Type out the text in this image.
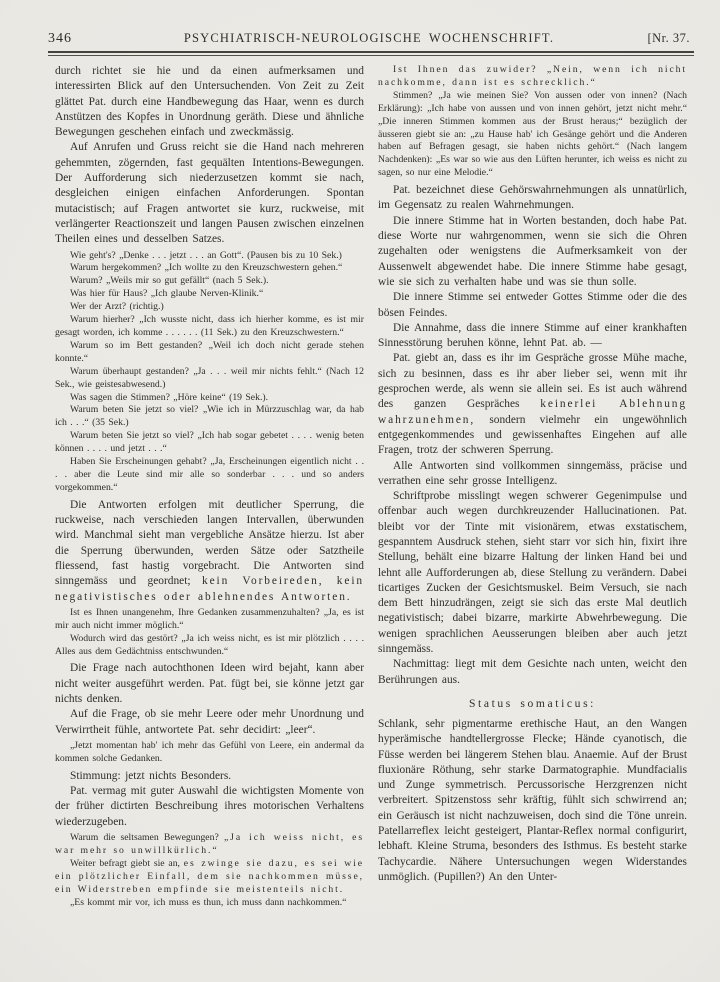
346	PSYCHIATRISCH-NEUROLOGISCHE WOCHENSCHRIFT.	[Nr. 37.

durch richtet sie hie und da einen aufmerksamen und interessirten Blick auf den Untersuchenden. Von Zeit zu Zeit glättet Pat. durch eine Handbewegung das Haar, wenn es durch Anstützen des Kopfes in Unordnung geräth. Diese und ähnliche Bewegungen geschehen einfach und zweckmässig.

Auf Anrufen und Gruss reicht sie die Hand nach mehreren gehemmten, zögernden, fast gequälten Intentions-Bewegungen. Der Aufforderung sich niederzusetzen kommt sie nach, desgleichen einigen einfachen Anforderungen. Spontan mutacistisch; auf Fragen antwortet sie kurz, ruckweise, mit verlängerter Reactionszeit und langen Pausen zwischen einzelnen Theilen eines und desselben Satzes.

Wie geht's? „Denke . . . jetzt . . . an Gott“. (Pausen bis zu 10 Sek.)

Warum hergekommen? „Ich wollte zu den Kreuzschwestern gehen.“

Warum? „Weils mir so gut gefällt“ (nach 5 Sek.).

Was hier für Haus? „Ich glaube Nerven-Klinik.“

Wer der Arzt? (richtig.)

Warum hierher? „Ich wusste nicht, dass ich hierher komme, es ist mir gesagt worden, ich komme . . . . . . (11 Sek.) zu den Kreuzschwestern.“

Warum so im Bett gestanden? „Weil ich doch nicht gerade stehen konnte.“

Warum überhaupt gestanden? „Ja . . . weil mir nichts fehlt.“ (Nach 12 Sek., wie geistesabwesend.)

Was sagen die Stimmen? „Höre keine“ (19 Sek.).

Warum beten Sie jetzt so viel? „Wie ich in Mürzzuschlag war, da hab ich . . .“ (35 Sek.)

Warum beten Sie jetzt so viel? „Ich hab sogar gebetet . . . . wenig beten können . . . . und jetzt . . .“

Haben Sie Erscheinungen gehabt? „Ja, Erscheinungen eigentlich nicht . . . . aber die Leute sind mir alle so sonderbar . . . und so anders vorgekommen.“

Die Antworten erfolgen mit deutlicher Sperrung, die ruckweise, nach verschieden langen Intervallen, überwunden wird. Manchmal sieht man vergebliche Ansätze hierzu. Ist aber die Sperrung überwunden, werden Sätze oder Satztheile fliessend, fast hastig vorgebracht. Die Antworten sind sinngemäss und geordnet; kein Vorbeireden, kein negativistisches oder ablehnendes Antworten.

Ist es Ihnen unangenehm, Ihre Gedanken zusammenzuhalten? „Ja, es ist mir auch nicht immer möglich.“

Wodurch wird das gestört? „Ja ich weiss nicht, es ist mir plötzlich . . . . Alles aus dem Gedächtniss entschwunden.“

Die Frage nach autochthonen Ideen wird bejaht, kann aber nicht weiter ausgeführt werden. Pat. fügt bei, sie könne jetzt gar nichts denken.

Auf die Frage, ob sie mehr Leere oder mehr Unordnung und Verwirrtheit fühle, antwortete Pat. sehr decidirt: „leer“.

„Jetzt momentan hab' ich mehr das Gefühl von Leere, ein andermal da kommen solche Gedanken.

Stimmung: jetzt nichts Besonders.

Pat. vermag mit guter Auswahl die wichtigsten Momente von der früher dictirten Beschreibung ihres motorischen Verhaltens wiederzugeben.

Warum die seltsamen Bewegungen? „Ja ich weiss nicht, es war mehr so unwillkürlich.“

Weiter befragt giebt sie an, es zwinge sie dazu, es sei wie ein plötzlicher Einfall, dem sie nachkommen müsse, ein Widerstreben empfinde sie meistenteils nicht.

„Es kommt mir vor, ich muss es thun, ich muss dann nachkommen.“

Ist Ihnen das zuwider? „Nein, wenn ich nicht nachkomme, dann ist es schrecklich.“

Stimmen? „Ja wie meinen Sie? Von aussen oder von innen? (Nach Erklärung): „Ich habe von aussen und von innen gehört, jetzt nicht mehr.“ „Die inneren Stimmen kommen aus der Brust heraus;“ bezüglich der äusseren giebt sie an: „zu Hause hab' ich Gesänge gehört und die Anderen haben auf Befragen gesagt, sie haben nichts gehört.“ (Nach langem Nachdenken): „Es war so wie aus den Lüften herunter, ich weiss es nicht zu sagen, so nur eine Melodie.“

Pat. bezeichnet diese Gehörswahrnehmungen als unnatürlich, im Gegensatz zu realen Wahrnehmungen.

Die innere Stimme hat in Worten bestanden, doch habe Pat. diese Worte nur wahrgenommen, wenn sie sich die Ohren zugehalten oder wenigstens die Aufmerksamkeit von der Aussenwelt abgewendet habe. Die innere Stimme habe gesagt, wie sie sich zu verhalten habe und was sie thun solle.

Die innere Stimme sei entweder Gottes Stimme oder die des bösen Feindes.

Die Annahme, dass die innere Stimme auf einer krankhaften Sinnesstörung beruhen könne, lehnt Pat. ab. —

Pat. giebt an, dass es ihr im Gespräche grosse Mühe mache, sich zu besinnen, dass es ihr aber lieber sei, wenn mit ihr gesprochen werde, als wenn sie allein sei. Es ist auch während des ganzen Gespräches keinerlei Ablehnung wahrzunehmen, sondern vielmehr ein ungewöhnlich entgegenkommendes und gewissenhaftes Eingehen auf alle Fragen, trotz der schweren Sperrung.

Alle Antworten sind vollkommen sinngemäss, präcise und verrathen eine sehr grosse Intelligenz.

Schriftprobe misslingt wegen schwerer Gegenimpulse und offenbar auch wegen durchkreuzender Hallucinationen. Pat. bleibt vor der Tinte mit visionärem, etwas exstatischem, gespanntem Ausdruck stehen, sieht starr vor sich hin, fixirt ihre Stellung, behält eine bizarre Haltung der linken Hand bei und lehnt alle Aufforderungen ab, diese Stellung zu verändern. Dabei ticartiges Zucken der Gesichtsmuskel. Beim Versuch, sie nach dem Bett hinzudrängen, zeigt sie sich das erste Mal deutlich negativistisch; dabei bizarre, markirte Abwehrbewegung. Die wenigen sprachlichen Aeusserungen bleiben aber auch jetzt sinngemäss.

Nachmittag: liegt mit dem Gesichte nach unten, weicht den Berührungen aus.

Status somaticus:

Schlank, sehr pigmentarme erethische Haut, an den Wangen hyperämische handtellergrosse Flecke; Hände cyanotisch, die Füsse werden bei längerem Stehen blau. Anaemie. Auf der Brust fluxionäre Röthung, sehr starke Darmatographie. Mundfacialis und Zunge symmetrisch. Percussorische Herzgrenzen nicht verbreitert. Spitzenstoss sehr kräftig, fühlt sich schwirrend an; ein Geräusch ist nicht nachzuweisen, doch sind die Töne unrein. Patellarreflex leicht gesteigert, Plantar-Reflex normal configurirt, lebhaft. Kleine Struma, besonders des Isthmus. Es besteht starke Tachycardie. Nähere Untersuchungen wegen Widerstandes unmöglich. (Pupillen?) An den Unter-
